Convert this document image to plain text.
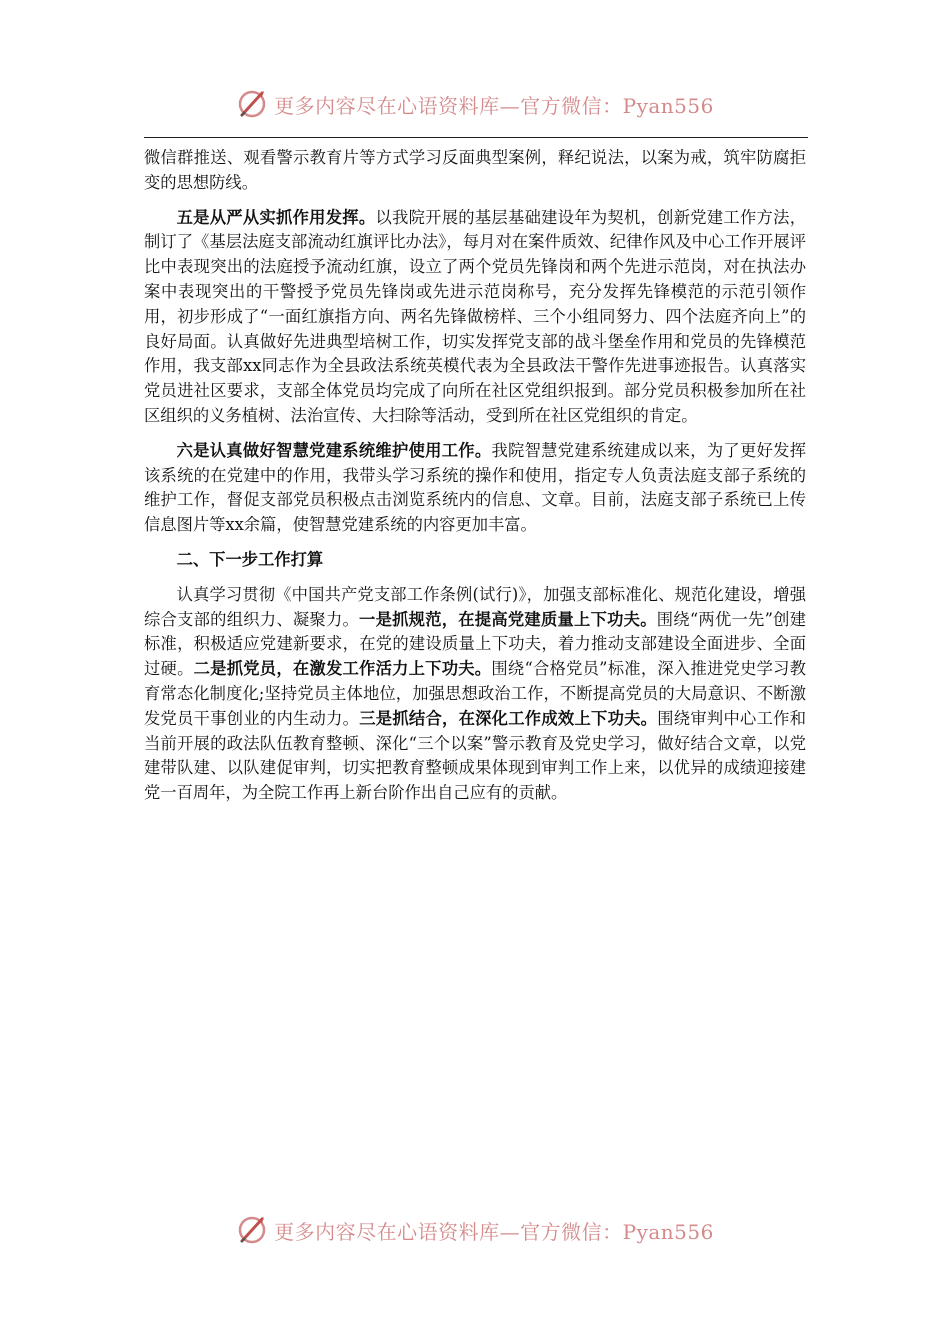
更多内容尽在心语资料库—官方微信：Pyan556

微信群推送、观看警示教育片等方式学习反面典型案例，释纪说法，以案为戒，筑牢防腐拒变的思想防线。

五是从严从实抓作用发挥。以我院开展的基层基础建设年为契机，创新党建工作方法，制订了《基层法庭支部流动红旗评比办法》，每月对在案件质效、纪律作风及中心工作开展评比中表现突出的法庭授予流动红旗，设立了两个党员先锋岗和两个先进示范岗，对在执法办案中表现突出的干警授予党员先锋岗或先进示范岗称号，充分发挥先锋模范的示范引领作用，初步形成了“一面红旗指方向、两名先锋做榜样、三个小组同努力、四个法庭齐向上”的良好局面。认真做好先进典型培树工作，切实发挥党支部的战斗堡垒作用和党员的先锋模范作用，我支部xx同志作为全县政法系统英模代表为全县政法干警作先进事迹报告。认真落实党员进社区要求，支部全体党员均完成了向所在社区党组织报到。部分党员积极参加所在社区组织的义务植树、法治宣传、大扫除等活动，受到所在社区党组织的肯定。

六是认真做好智慧党建系统维护使用工作。我院智慧党建系统建成以来，为了更好发挥该系统的在党建中的作用，我带头学习系统的操作和使用，指定专人负责法庭支部子系统的维护工作，督促支部党员积极点击浏览系统内的信息、文章。目前，法庭支部子系统已上传信息图片等xx余篇，使智慧党建系统的内容更加丰富。

二、下一步工作打算

认真学习贯彻《中国共产党支部工作条例(试行)》，加强支部标准化、规范化建设，增强综合支部的组织力、凝聚力。一是抓规范，在提高党建质量上下功夫。围绕“两优一先”创建标准，积极适应党建新要求，在党的建设质量上下功夫，着力推动支部建设全面进步、全面过硬。二是抓党员，在激发工作活力上下功夫。围绕“合格党员”标准，深入推进党史学习教育常态化制度化;坚持党员主体地位，加强思想政治工作，不断提高党员的大局意识、不断激发党员干事创业的内生动力。三是抓结合，在深化工作成效上下功夫。围绕审判中心工作和当前开展的政法队伍教育整顿、深化“三个以案”警示教育及党史学习，做好结合文章，以党建带队建、以队建促审判，切实把教育整顿成果体现到审判工作上来，以优异的成绩迎接建党一百周年，为全院工作再上新台阶作出自己应有的贡献。

更多内容尽在心语资料库—官方微信：Pyan556
